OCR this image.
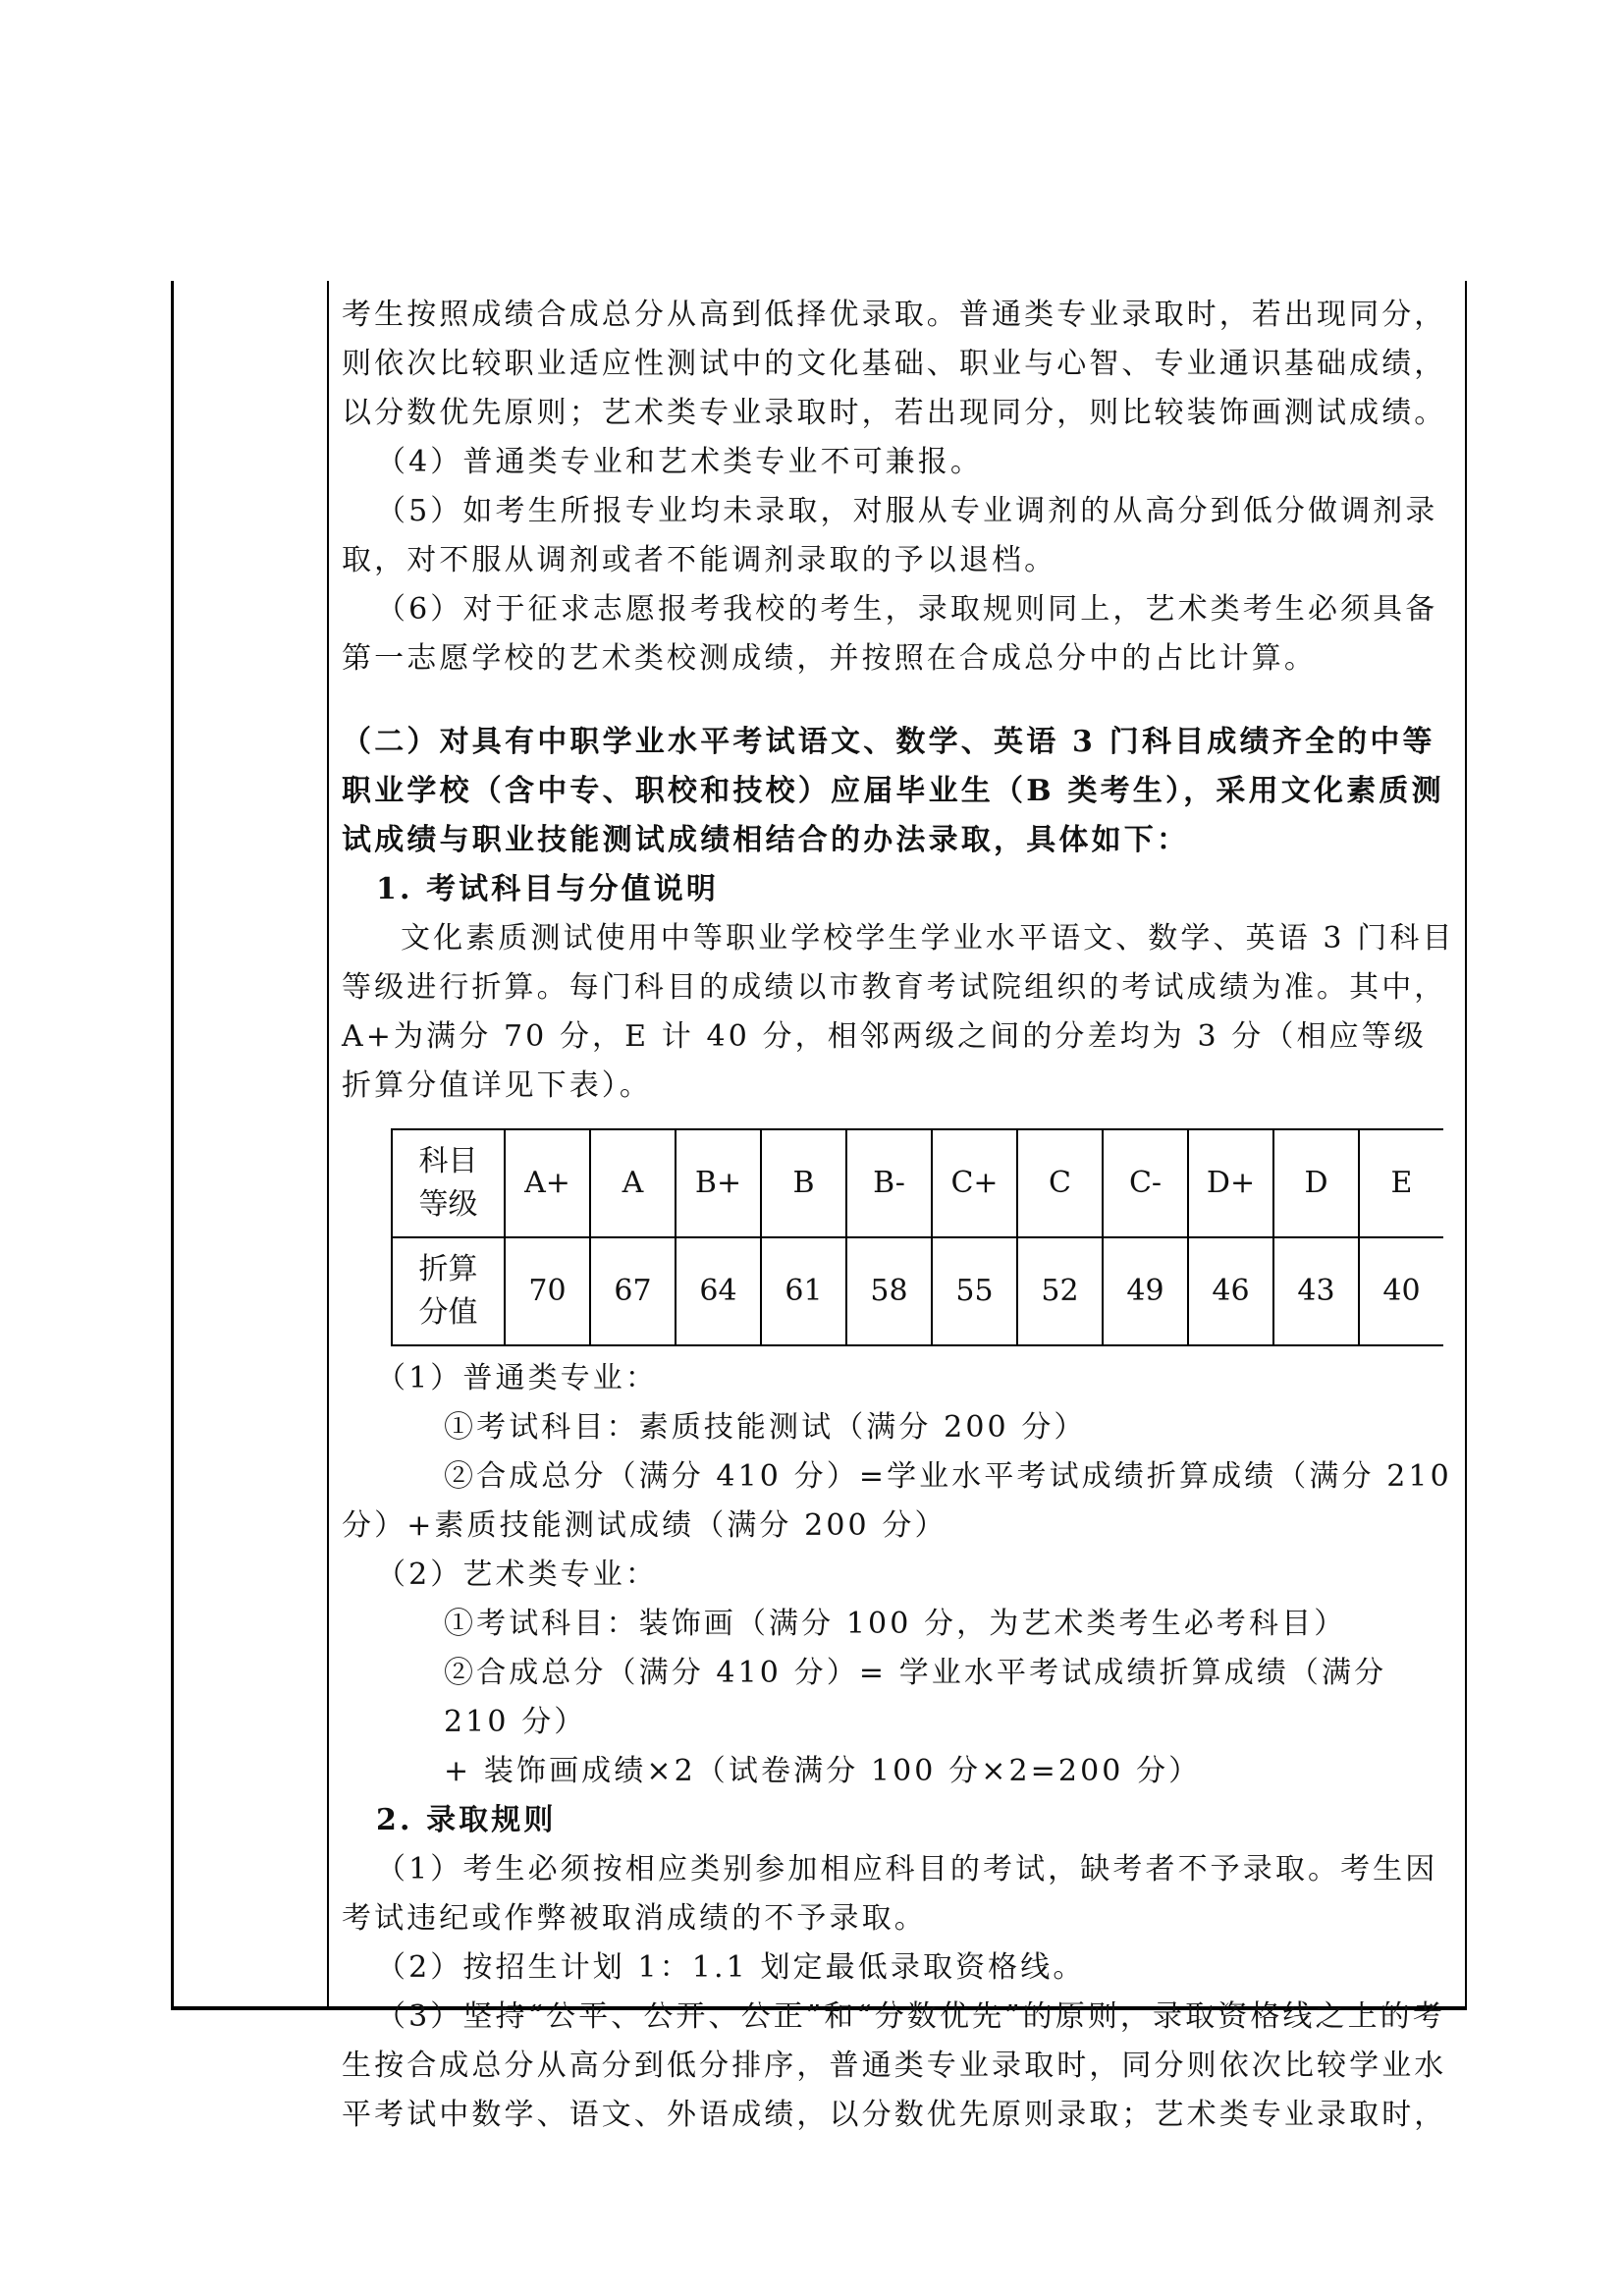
考生按照成绩合成总分从高到低择优录取。普通类专业录取时，若出现同分，则依次比较职业适应性测试中的文化基础、职业与心智、专业通识基础成绩，以分数优先原则；艺术类专业录取时，若出现同分，则比较装饰画测试成绩。

（4）普通类专业和艺术类专业不可兼报。

（5）如考生所报专业均未录取，对服从专业调剂的从高分到低分做调剂录取，对不服从调剂或者不能调剂录取的予以退档。

（6）对于征求志愿报考我校的考生，录取规则同上，艺术类考生必须具备第一志愿学校的艺术类校测成绩，并按照在合成总分中的占比计算。

（二）对具有中职学业水平考试语文、数学、英语 3 门科目成绩齐全的中等职业学校（含中专、职校和技校）应届毕业生（B 类考生），采用文化素质测试成绩与职业技能测试成绩相结合的办法录取，具体如下：

1. 考试科目与分值说明

文化素质测试使用中等职业学校学生学业水平语文、数学、英语 3 门科目等级进行折算。每门科目的成绩以市教育考试院组织的考试成绩为准。其中，A+为满分 70 分，E 计 40 分，相邻两级之间的分差均为 3 分（相应等级折算分值详见下表）。

科目
等级	A+	A	B+	B	B-	C+	C	C-	D+	D	E

折算
分值	70	67	64	61	58	55	52	49	46	43	40

（1）普通类专业：

①考试科目：素质技能测试（满分 200 分）

②合成总分（满分 410 分）=学业水平考试成绩折算成绩（满分 210 分）+素质技能测试成绩（满分 200 分）

（2）艺术类专业：

①考试科目：装饰画（满分 100 分，为艺术类考生必考科目）

②合成总分（满分 410 分）= 学业水平考试成绩折算成绩（满分 210 分）

+ 装饰画成绩×2（试卷满分 100 分×2=200 分）

2. 录取规则

（1）考生必须按相应类别参加相应科目的考试，缺考者不予录取。考生因考试违纪或作弊被取消成绩的不予录取。

（2）按招生计划 1：1.1 划定最低录取资格线。

（3）坚持“公平、公开、公正”和“分数优先”的原则，录取资格线之上的考生按合成总分从高分到低分排序，普通类专业录取时，同分则依次比较学业水平考试中数学、语文、外语成绩，以分数优先原则录取；艺术类专业录取时，
